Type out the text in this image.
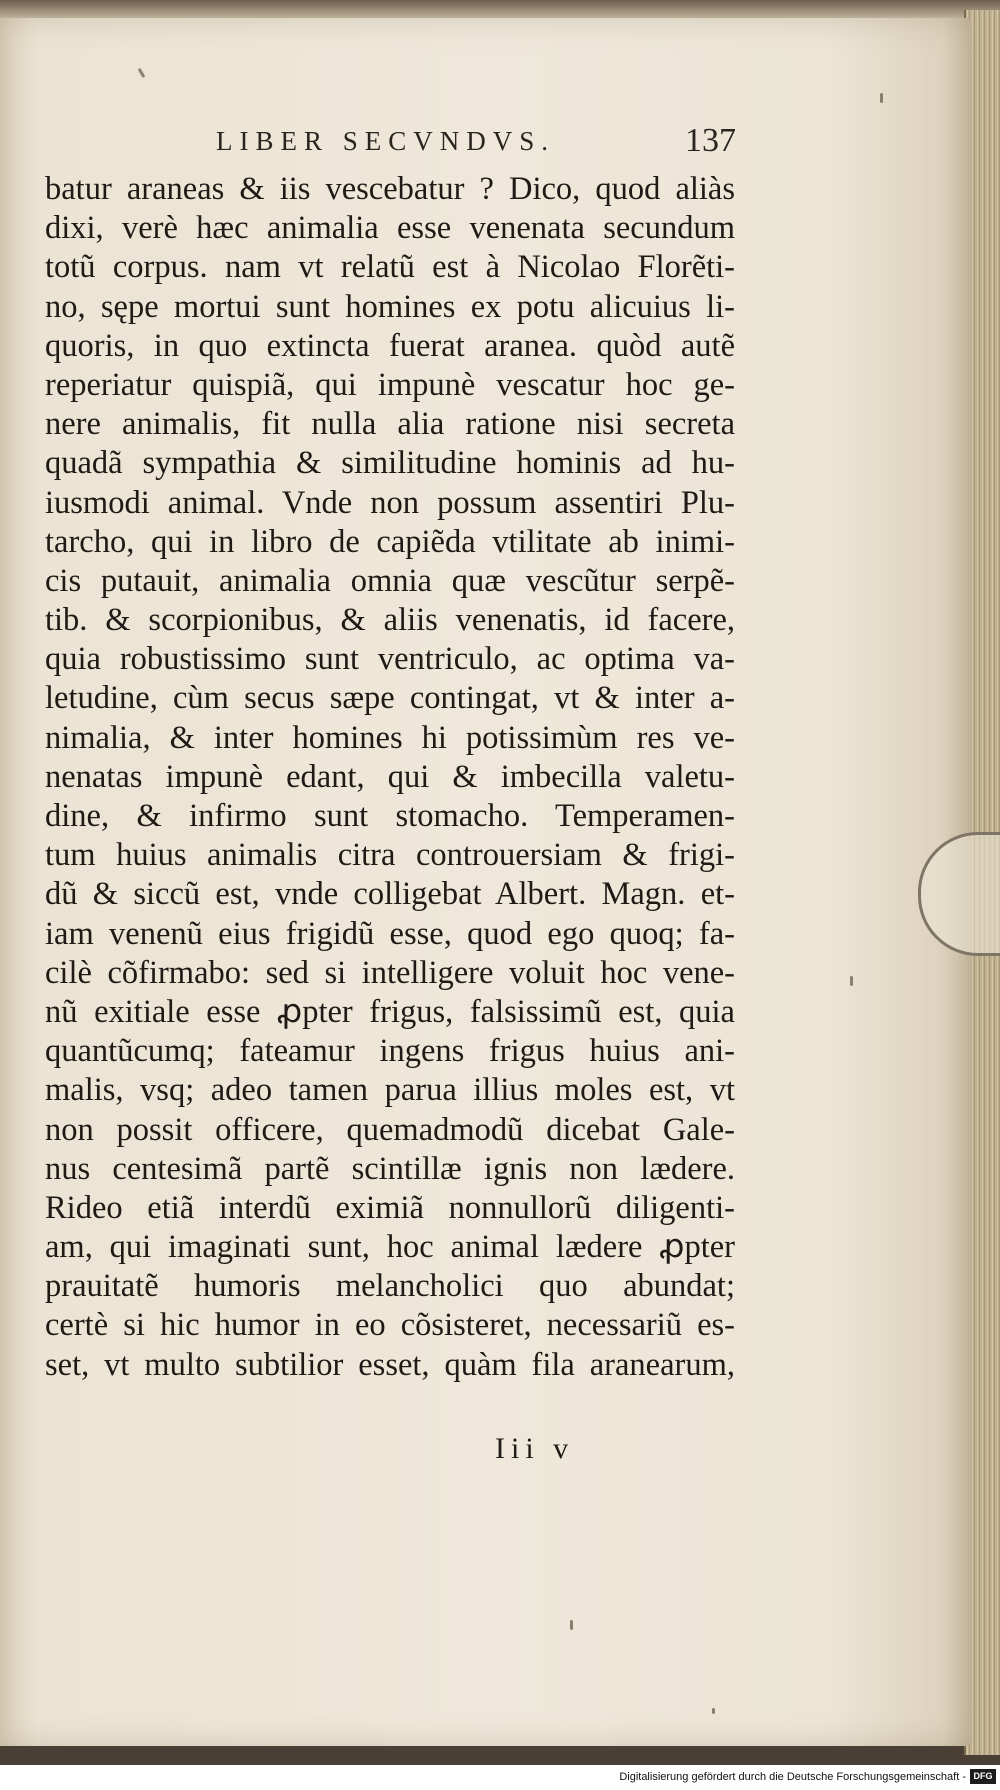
LIBER SECVNDVS.	137
batur araneas & iis vescebatur ? Dico, quod aliàs
dixi, verè hæc animalia esse venenata secundum
totũ corpus. nam vt relatũ est à Nicolao Florẽti-
no, sępe mortui sunt homines ex potu alicuius li-
quoris, in quo extincta fuerat aranea. quòd autẽ
reperiatur quispiã, qui impunè vescatur hoc ge-
nere animalis, fit nulla alia ratione nisi secreta
quadã sympathia & similitudine hominis ad hu-
iusmodi animal. Vnde non possum assentiri Plu-
tarcho, qui in libro de capiẽda vtilitate ab inimi-
cis putauit, animalia omnia quæ vescũtur serpẽ-
tib. & scorpionibus, & aliis venenatis, id facere,
quia robustissimo sunt ventriculo, ac optima va-
letudine, cùm secus sæpe contingat, vt & inter a-
nimalia, & inter homines hi potissimùm res ve-
nenatas impunè edant, qui & imbecilla valetu-
dine, & infirmo sunt stomacho. Temperamen-
tum huius animalis citra controuersiam & frigi-
dũ & siccũ est, vnde colligebat Albert. Magn. et-
iam venenũ eius frigidũ esse, quod ego quoq; fa-
cilè cõfirmabo: sed si intelligere voluit hoc vene-
nũ exitiale esse ꝓpter frigus, falsissimũ est, quia
quantũcumq; fateamur ingens frigus huius ani-
malis, vsq; adeo tamen parua illius moles est, vt
non possit officere, quemadmodũ dicebat Gale-
nus centesimã partẽ scintillæ ignis non lædere.
Rideo etiã interdũ eximiã nonnullorũ diligenti-
am, qui imaginati sunt, hoc animal lædere ꝓpter
prauitatẽ humoris melancholici quo abundat;
certè si hic humor in eo cõsisteret, necessariũ es-
set, vt multo subtilior esset, quàm fila aranearum,
Iii v
Digitalisierung gefördert durch die Deutsche Forschungsgemeinschaft - DFG
